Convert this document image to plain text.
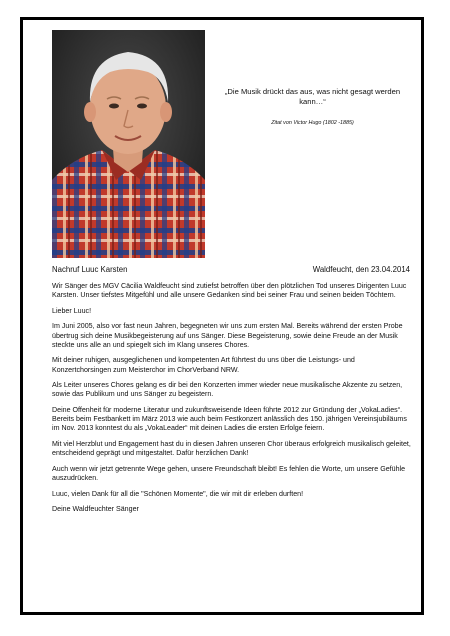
„Die Musik drückt das aus, was nicht gesagt werden kann…“
Zitat von Victor Hugo (1802 -1885)
Nachruf Luuc Karsten	Waldfeucht, den 23.04.2014

Wir Sänger des MGV Cäcilia Waldfeucht sind zutiefst betroffen über den plötzlichen Tod unseres Dirigenten Luuc Karsten. Unser tiefstes Mitgefühl und alle unsere Gedanken sind bei seiner Frau und seinen beiden Töchtern.

Lieber Luuc!

Im Juni 2005, also vor fast neun Jahren, begegneten wir uns zum ersten Mal. Bereits während der ersten Probe übertrug sich deine Musikbegeisterung auf uns Sänger. Diese Begeisterung, sowie deine Freude an der Musik steckte uns alle an und spiegelt sich im Klang unseres Chores.

Mit deiner ruhigen, ausgeglichenen und kompetenten Art führtest du uns über die Leistungs- und Konzertchorsingen zum Meisterchor im ChorVerband NRW.

Als Leiter unseres Chores gelang es dir bei den Konzerten immer wieder neue musikalische Akzente zu setzen, sowie das Publikum und uns Sänger zu begeistern.

Deine Offenheit für moderne Literatur und zukunftsweisende Ideen führte 2012 zur Gründung der „VokaLadies“. Bereits beim Festbankett im März 2013 wie auch beim Festkonzert anlässlich des 150. jährigen Vereinsjubiläums im Nov. 2013 konntest du als „VokaLeader“ mit deinen Ladies die ersten Erfolge feiern.

Mit viel Herzblut und Engagement hast du in diesen Jahren unseren Chor überaus erfolgreich musikalisch geleitet, entscheidend geprägt und mitgestaltet. Dafür herzlichen Dank!

Auch wenn wir jetzt getrennte Wege gehen, unsere Freundschaft bleibt! Es fehlen die Worte, um unsere Gefühle auszudrücken.

Luuc, vielen Dank für all die "Schönen Momente", die wir mit dir erleben durften!

Deine Waldfeuchter Sänger
